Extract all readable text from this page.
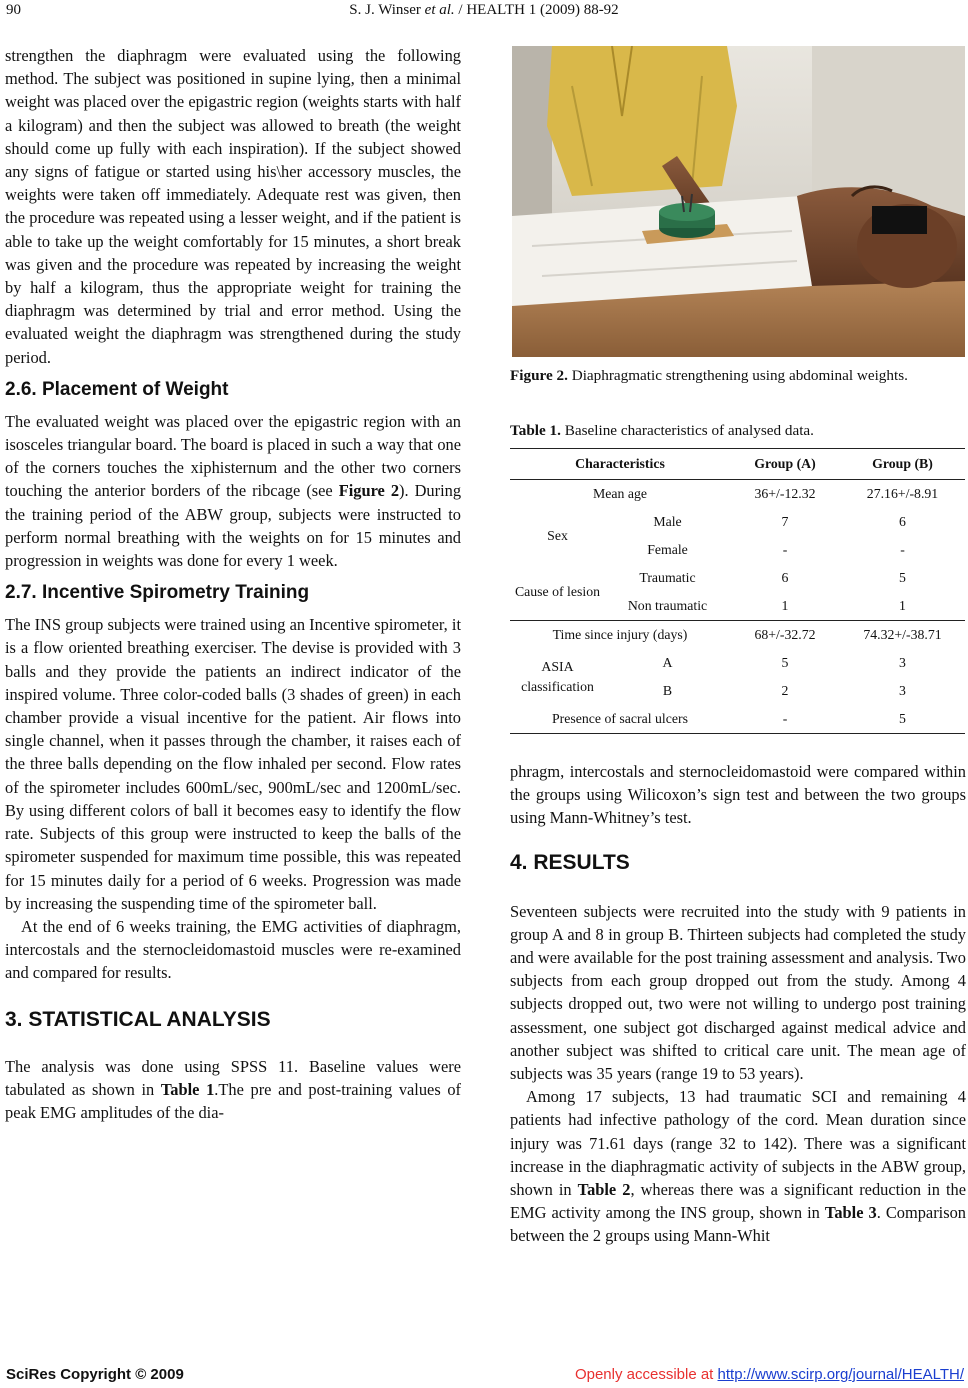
90	S. J. Winser et al. / HEALTH 1 (2009) 88-92

strengthen the diaphragm were evaluated using the following method. The subject was positioned in supine lying, then a minimal weight was placed over the epigastric region (weights starts with half a kilogram) and then the subject was allowed to breath (the weight should come up fully with each inspiration). If the subject showed any signs of fatigue or started using his\her accessory muscles, the weights were taken off immediately. Adequate rest was given, then the procedure was repeated using a lesser weight, and if the patient is able to take up the weight comfortably for 15 minutes, a short break was given and the procedure was repeated by increasing the weight by half a kilogram, thus the appropriate weight for training the diaphragm was determined by trial and error method. Using the evaluated weight the diaphragm was strengthened during the study period.

2.6. Placement of Weight

The evaluated weight was placed over the epigastric region with an isosceles triangular board. The board is placed in such a way that one of the corners touches the xiphisternum and the other two corners touching the anterior borders of the ribcage (see Figure 2). During the training period of the ABW group, subjects were instructed to perform normal breathing with the weights on for 15 minutes and progression in weights was done for every 1 week.

2.7. Incentive Spirometry Training

The INS group subjects were trained using an Incentive spirometer, it is a flow oriented breathing exerciser. The devise is provided with 3 balls and they provide the patients an indirect indicator of the inspired volume. Three color-coded balls (3 shades of green) in each chamber provide a visual incentive for the patient. Air flows into single channel, when it passes through the chamber, it raises each of the three balls depending on the flow inhaled per second. Flow rates of the spirometer includes 600mL/sec, 900mL/sec and 1200mL/sec. By using different colors of ball it becomes easy to identify the flow rate. Subjects of this group were instructed to keep the balls of the spirometer suspended for maximum time possible, this was repeated for 15 minutes daily for a period of 6 weeks. Progression was made by increasing the suspending time of the spirometer ball.

At the end of 6 weeks training, the EMG activities of diaphragm, intercostals and the sternocleidomastoid muscles were re-examined and compared for results.

3. STATISTICAL ANALYSIS

The analysis was done using SPSS 11. Baseline values were tabulated as shown in Table 1.The pre and post-training values of peak EMG amplitudes of the dia-

Figure 2. Diaphragmatic strengthening using abdominal weights.
Table 1. Baseline characteristics of analysed data.
Characteristics		Group (A)	Group (B)
Mean age		36+/-12.32	27.16+/-8.91
Sex	Male	7	6
	Female	-	-
Cause of lesion	Traumatic	6	5
	Non traumatic	1	1
Time since injury (days)		68+/-32.72	74.32+/-38.71
ASIA classification	A	5	3
	B	2	3
Presence of sacral ulcers		-	5

phragm, intercostals and sternocleidomastoid were compared within the groups using Wilicoxon’s sign test and between the two groups using Mann-Whitney’s test.

4. RESULTS

Seventeen subjects were recruited into the study with 9 patients in group A and 8 in group B. Thirteen subjects had completed the study and were available for the post training assessment and analysis. Two subjects from each group dropped out from the study. Among 4 subjects dropped out, two were not willing to undergo post training assessment, one subject got discharged against medical advice and another subject was shifted to critical care unit. The mean age of subjects was 35 years (range 19 to 53 years).

Among 17 subjects, 13 had traumatic SCI and remaining 4 patients had infective pathology of the cord. Mean duration since injury was 71.61 days (range 32 to 142). There was a significant increase in the diaphragmatic activity of subjects in the ABW group, shown in Table 2, whereas there was a significant reduction in the EMG activity among the INS group, shown in Table 3. Comparison between the 2 groups using Mann-Whit

SciRes Copyright © 2009	Openly accessible at http://www.scirp.org/journal/HEALTH/
